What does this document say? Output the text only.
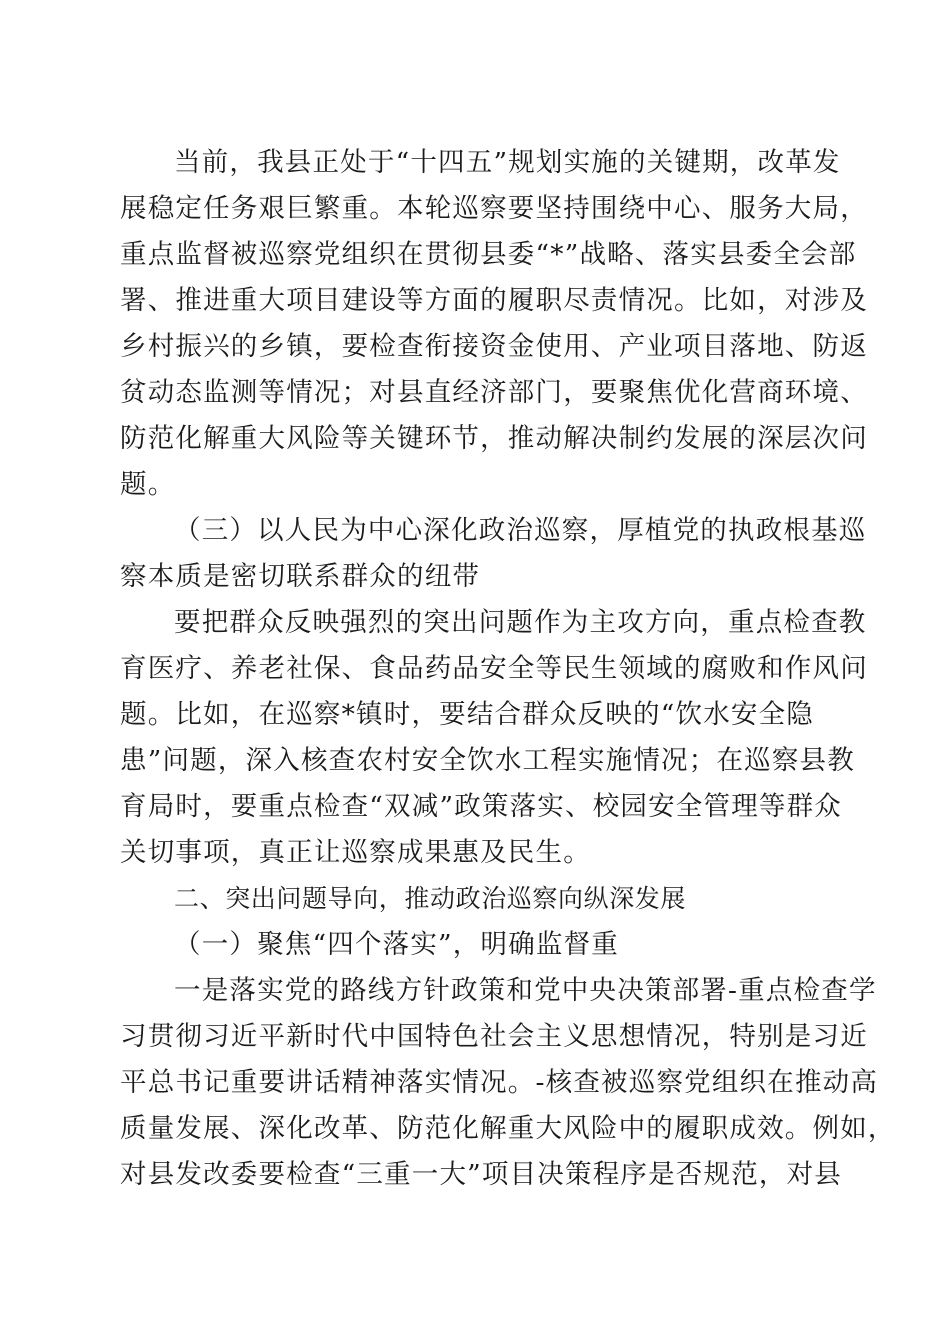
当前，我县正处于“十四五”规划实施的关键期，改革发
展稳定任务艰巨繁重。本轮巡察要坚持围绕中心、服务大局，
重点监督被巡察党组织在贯彻县委“*”战略、落实县委全会部
署、推进重大项目建设等方面的履职尽责情况。比如，对涉及
乡村振兴的乡镇，要检查衔接资金使用、产业项目落地、防返
贫动态监测等情况；对县直经济部门，要聚焦优化营商环境、
防范化解重大风险等关键环节，推动解决制约发展的深层次问
题。
（三）以人民为中心深化政治巡察，厚植党的执政根基巡
察本质是密切联系群众的纽带
要把群众反映强烈的突出问题作为主攻方向，重点检查教
育医疗、养老社保、食品药品安全等民生领域的腐败和作风问
题。比如，在巡察*镇时，要结合群众反映的“饮水安全隐
患”问题，深入核查农村安全饮水工程实施情况；在巡察县教
育局时，要重点检查“双减”政策落实、校园安全管理等群众
关切事项，真正让巡察成果惠及民生。
二、突出问题导向，推动政治巡察向纵深发展
（一）聚焦“四个落实”，明确监督重
一是落实党的路线方针政策和党中央决策部署-重点检查学
习贯彻习近平新时代中国特色社会主义思想情况，特别是习近
平总书记重要讲话精神落实情况。-核查被巡察党组织在推动高
质量发展、深化改革、防范化解重大风险中的履职成效。例如，
对县发改委要检查“三重一大”项目决策程序是否规范，对县
